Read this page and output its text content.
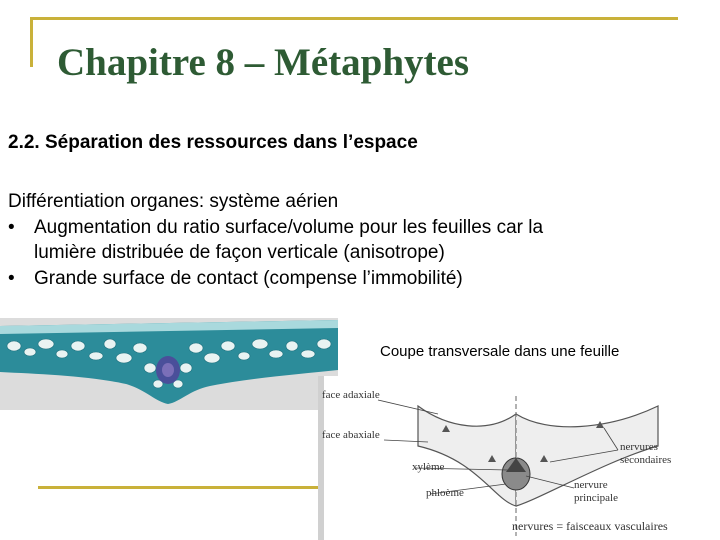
Chapitre 8 – Métaphytes
2.2. Séparation des ressources dans l’espace
Différentiation organes: système aérien
•	Augmentation du ratio surface/volume pour les feuilles car la
lumière distribuée de façon verticale (anisotrope)
•	Grande surface de contact (compense l’immobilité)
Coupe transversale dans une feuille
face adaxiale
face abaxiale
xylème
phloème
nervures
secondaires
nervure
principale
nervures = faisceaux vasculaires
